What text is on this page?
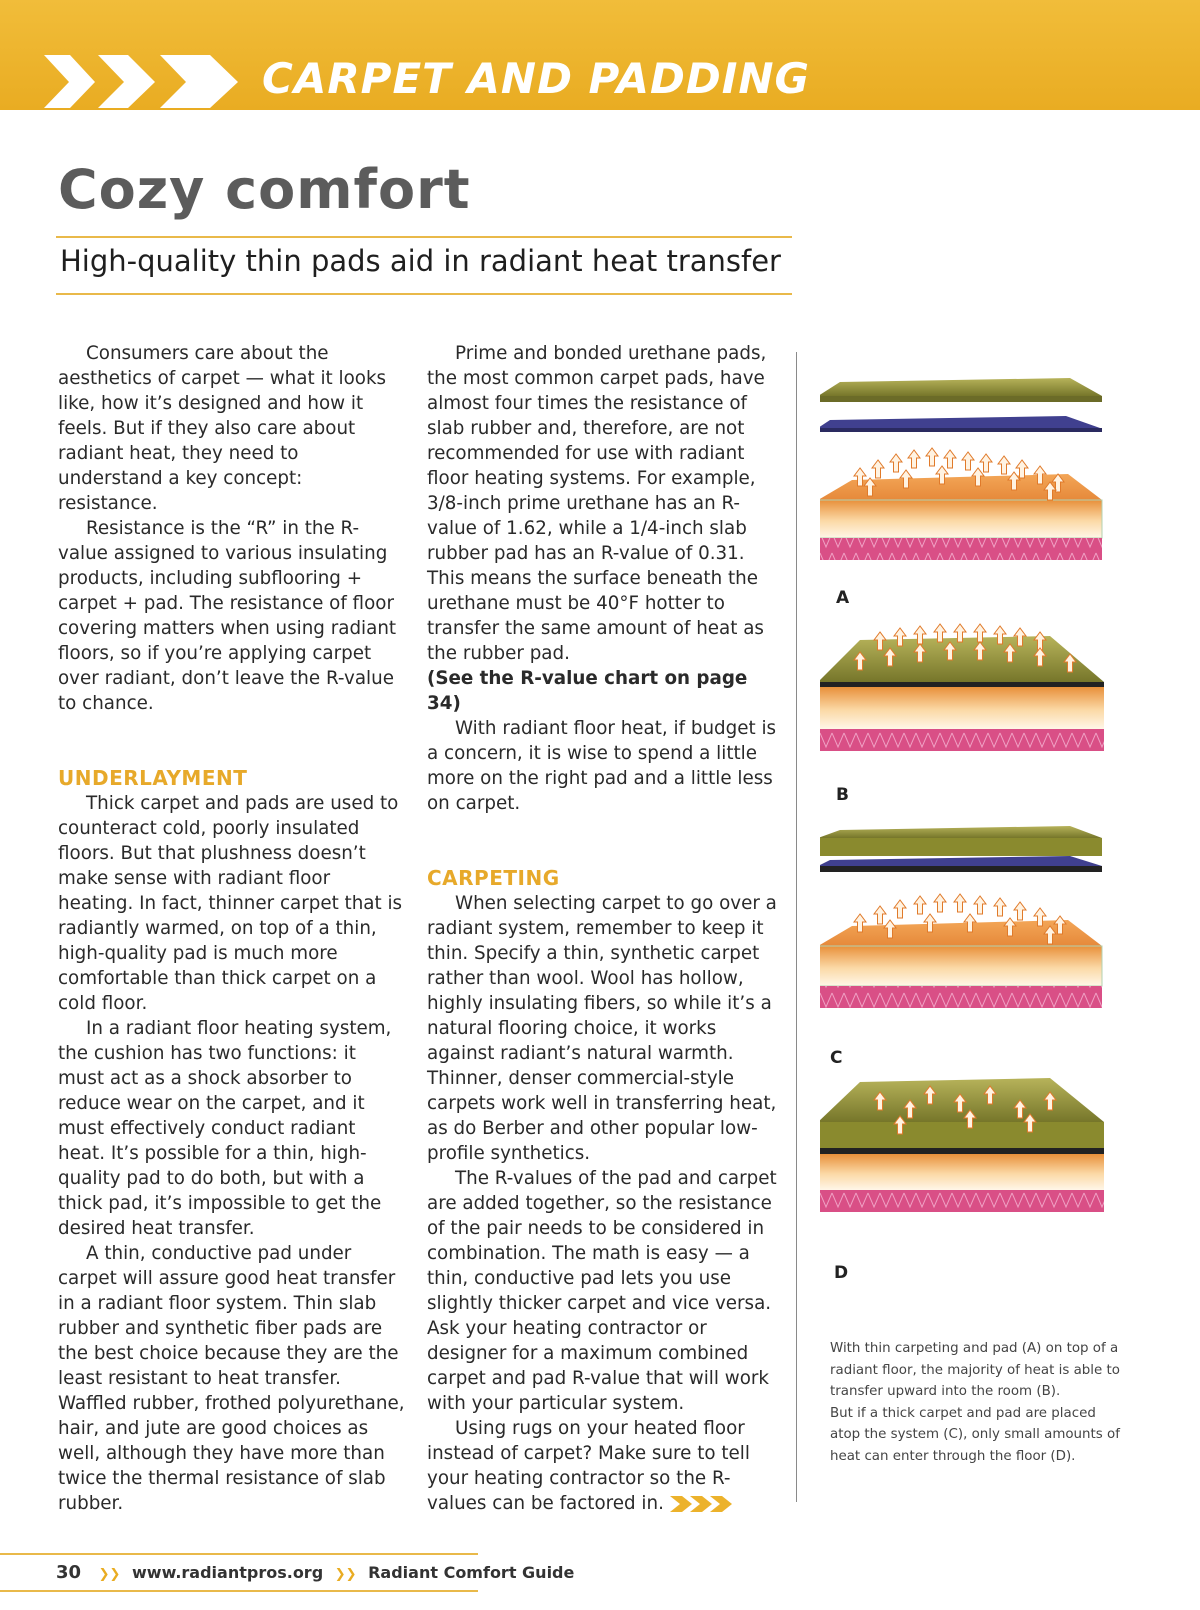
CARPET AND PADDING
Cozy comfort
High-quality thin pads aid in radiant heat transfer

Consumers care about the aesthetics of carpet — what it looks like, how it’s designed and how it feels. But if they also care about radiant heat, they need to understand a key concept: resistance.

Resistance is the “R” in the R-value assigned to various insulating products, including subflooring + carpet + pad. The resistance of floor covering matters when using radiant floors, so if you’re applying carpet over radiant, don’t leave the R-value to chance.

UNDERLAYMENT

Thick carpet and pads are used to counteract cold, poorly insulated floors. But that plushness doesn’t make sense with radiant floor heating. In fact, thinner carpet that is radiantly warmed, on top of a thin, high-quality pad is much more comfortable than thick carpet on a cold floor.

In a radiant floor heating system, the cushion has two functions: it must act as a shock absorber to reduce wear on the carpet, and it must effectively conduct radiant heat. It’s possible for a thin, high-quality pad to do both, but with a thick pad, it’s impossible to get the desired heat transfer.

A thin, conductive pad under carpet will assure good heat transfer in a radiant floor system. Thin slab rubber and synthetic fiber pads are the best choice because they are the least resistant to heat transfer. Waffled rubber, frothed polyurethane, hair, and jute are good choices as well, although they have more than twice the thermal resistance of slab rubber.

Prime and bonded urethane pads, the most common carpet pads, have almost four times the resistance of slab rubber and, therefore, are not recommended for use with radiant floor heating systems. For example, 3/8-inch prime urethane has an R-value of 1.62, while a 1/4-inch slab rubber pad has an R-value of 0.31. This means the surface beneath the urethane must be 40°F hotter to transfer the same amount of heat as the rubber pad.
(See the R-value chart on page 34)

With radiant floor heat, if budget is a concern, it is wise to spend a little more on the right pad and a little less on carpet.

CARPETING

When selecting carpet to go over a radiant system, remember to keep it thin. Specify a thin, synthetic carpet rather than wool. Wool has hollow, highly insulating fibers, so while it’s a natural flooring choice, it works against radiant’s natural warmth. Thinner, denser commercial-style carpets work well in transferring heat, as do Berber and other popular low-profile synthetics.

The R-values of the pad and carpet are added together, so the resistance of the pair needs to be considered in combination. The math is easy — a thin, conductive pad lets you use slightly thicker carpet and vice versa. Ask your heating contractor or designer for a maximum combined carpet and pad R-value that will work with your particular system.

Using rugs on your heated floor instead of carpet? Make sure to tell your heating contractor so the R-values can be factored in.

A
B
C
D

With thin carpeting and pad (A) on top of a radiant floor, the majority of heat is able to transfer upward into the room (B).

But if a thick carpet and pad are placed atop the system (C), only small amounts of heat can enter through the floor (D).

30 ❯❯ www.radiantpros.org ❯❯ Radiant Comfort Guide
